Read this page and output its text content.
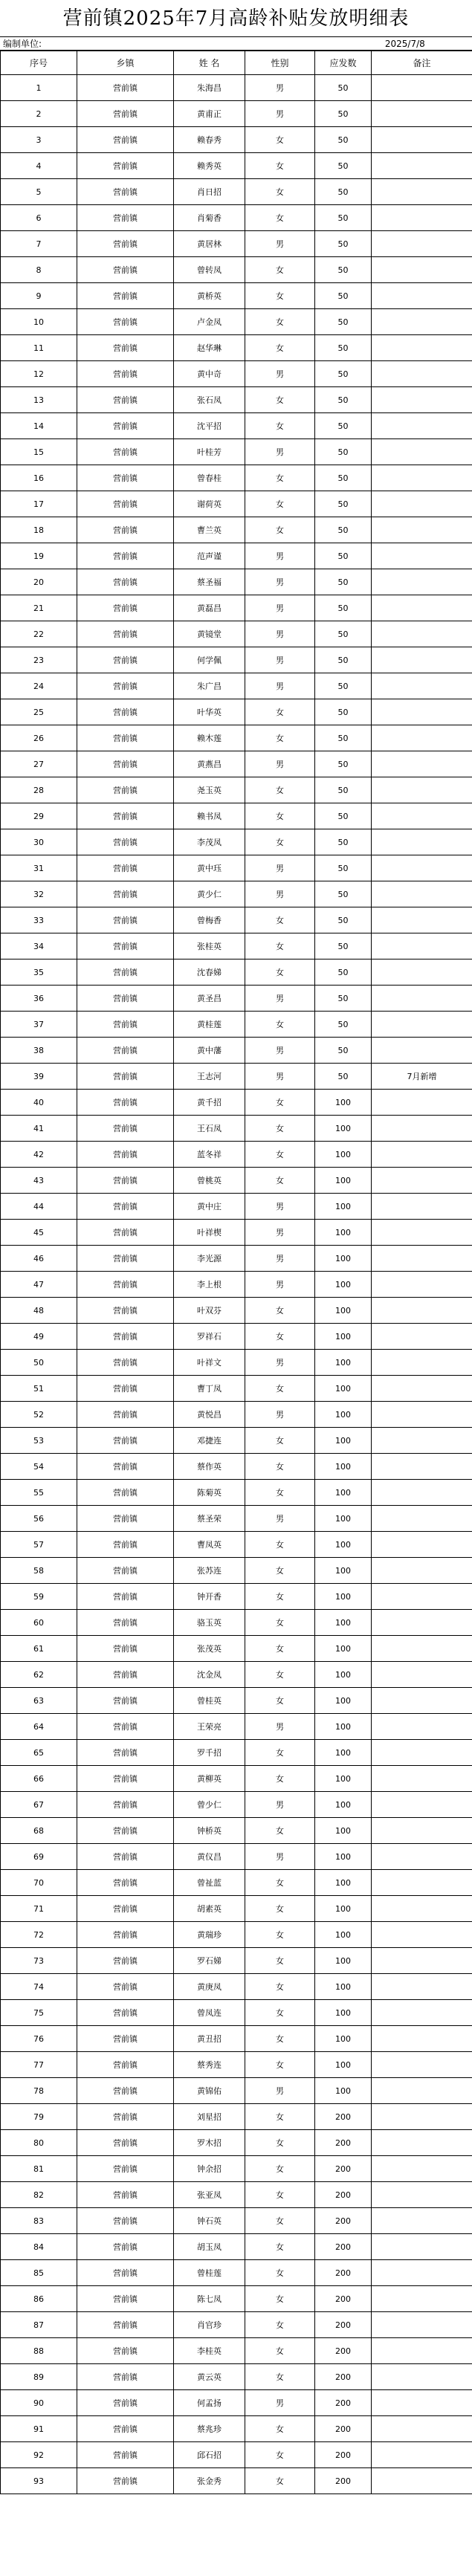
营前镇2025年7月高龄补贴发放明细表
编制单位:	2025/7/8
序号	乡镇	姓 名	性别	应发数	备注
1	营前镇	朱海昌	男	50	
2	营前镇	黄甫正	男	50	
3	营前镇	赖春秀	女	50	
4	营前镇	赖秀英	女	50	
5	营前镇	肖日招	女	50	
6	营前镇	肖菊香	女	50	
7	营前镇	黄居林	男	50	
8	营前镇	曾转凤	女	50	
9	营前镇	黄桥英	女	50	
10	营前镇	卢金凤	女	50	
11	营前镇	赵华琳	女	50	
12	营前镇	黄中奇	男	50	
13	营前镇	张石凤	女	50	
14	营前镇	沈平招	女	50	
15	营前镇	叶桂芳	男	50	
16	营前镇	曾春桂	女	50	
17	营前镇	谢荷英	女	50	
18	营前镇	曹兰英	女	50	
19	营前镇	范声谨	男	50	
20	营前镇	蔡圣福	男	50	
21	营前镇	黄磊昌	男	50	
22	营前镇	黄镜堂	男	50	
23	营前镇	何学佩	男	50	
24	营前镇	朱广昌	男	50	
25	营前镇	叶华英	女	50	
26	营前镇	赖木莲	女	50	
27	营前镇	黄燕昌	男	50	
28	营前镇	尧玉英	女	50	
29	营前镇	赖书凤	女	50	
30	营前镇	李茂凤	女	50	
31	营前镇	黄中珏	男	50	
32	营前镇	黄少仁	男	50	
33	营前镇	曾梅香	女	50	
34	营前镇	张桂英	女	50	
35	营前镇	沈春娣	女	50	
36	营前镇	黄圣昌	男	50	
37	营前镇	黄桂莲	女	50	
38	营前镇	黄中藩	男	50	
39	营前镇	王志河	男	50	7月新增
40	营前镇	黄千招	女	100	
41	营前镇	王石凤	女	100	
42	营前镇	蓝冬祥	女	100	
43	营前镇	曾桃英	女	100	
44	营前镇	黄中庄	男	100	
45	营前镇	叶祥楔	男	100	
46	营前镇	李光源	男	100	
47	营前镇	李上根	男	100	
48	营前镇	叶双芬	女	100	
49	营前镇	罗祥石	女	100	
50	营前镇	叶祥文	男	100	
51	营前镇	曹丁凤	女	100	
52	营前镇	黄悦昌	男	100	
53	营前镇	邓捷连	女	100	
54	营前镇	蔡作英	女	100	
55	营前镇	陈菊英	女	100	
56	营前镇	蔡圣荣	男	100	
57	营前镇	曹凤英	女	100	
58	营前镇	张苏连	女	100	
59	营前镇	钟开香	女	100	
60	营前镇	骆玉英	女	100	
61	营前镇	张茂英	女	100	
62	营前镇	沈金凤	女	100	
63	营前镇	曾桂英	女	100	
64	营前镇	王荣亮	男	100	
65	营前镇	罗千招	女	100	
66	营前镇	黄柳英	女	100	
67	营前镇	曾少仁	男	100	
68	营前镇	钟桥英	女	100	
69	营前镇	黄仪昌	男	100	
70	营前镇	曾祉蓝	女	100	
71	营前镇	胡素英	女	100	
72	营前镇	黄瑞珍	女	100	
73	营前镇	罗石娣	女	100	
74	营前镇	黄庚凤	女	100	
75	营前镇	曾凤连	女	100	
76	营前镇	黄丑招	女	100	
77	营前镇	蔡秀连	女	100	
78	营前镇	黄锦佑	男	100	
79	营前镇	刘星招	女	200	
80	营前镇	罗木招	女	200	
81	营前镇	钟余招	女	200	
82	营前镇	张亚凤	女	200	
83	营前镇	钟石英	女	200	
84	营前镇	胡玉凤	女	200	
85	营前镇	曾桂莲	女	200	
86	营前镇	陈七凤	女	200	
87	营前镇	肖官珍	女	200	
88	营前镇	李桂英	女	200	
89	营前镇	黄云英	女	200	
90	营前镇	何孟扬	男	200	
91	营前镇	蔡兆珍	女	200	
92	营前镇	邱石招	女	200	
93	营前镇	张金秀	女	200	
